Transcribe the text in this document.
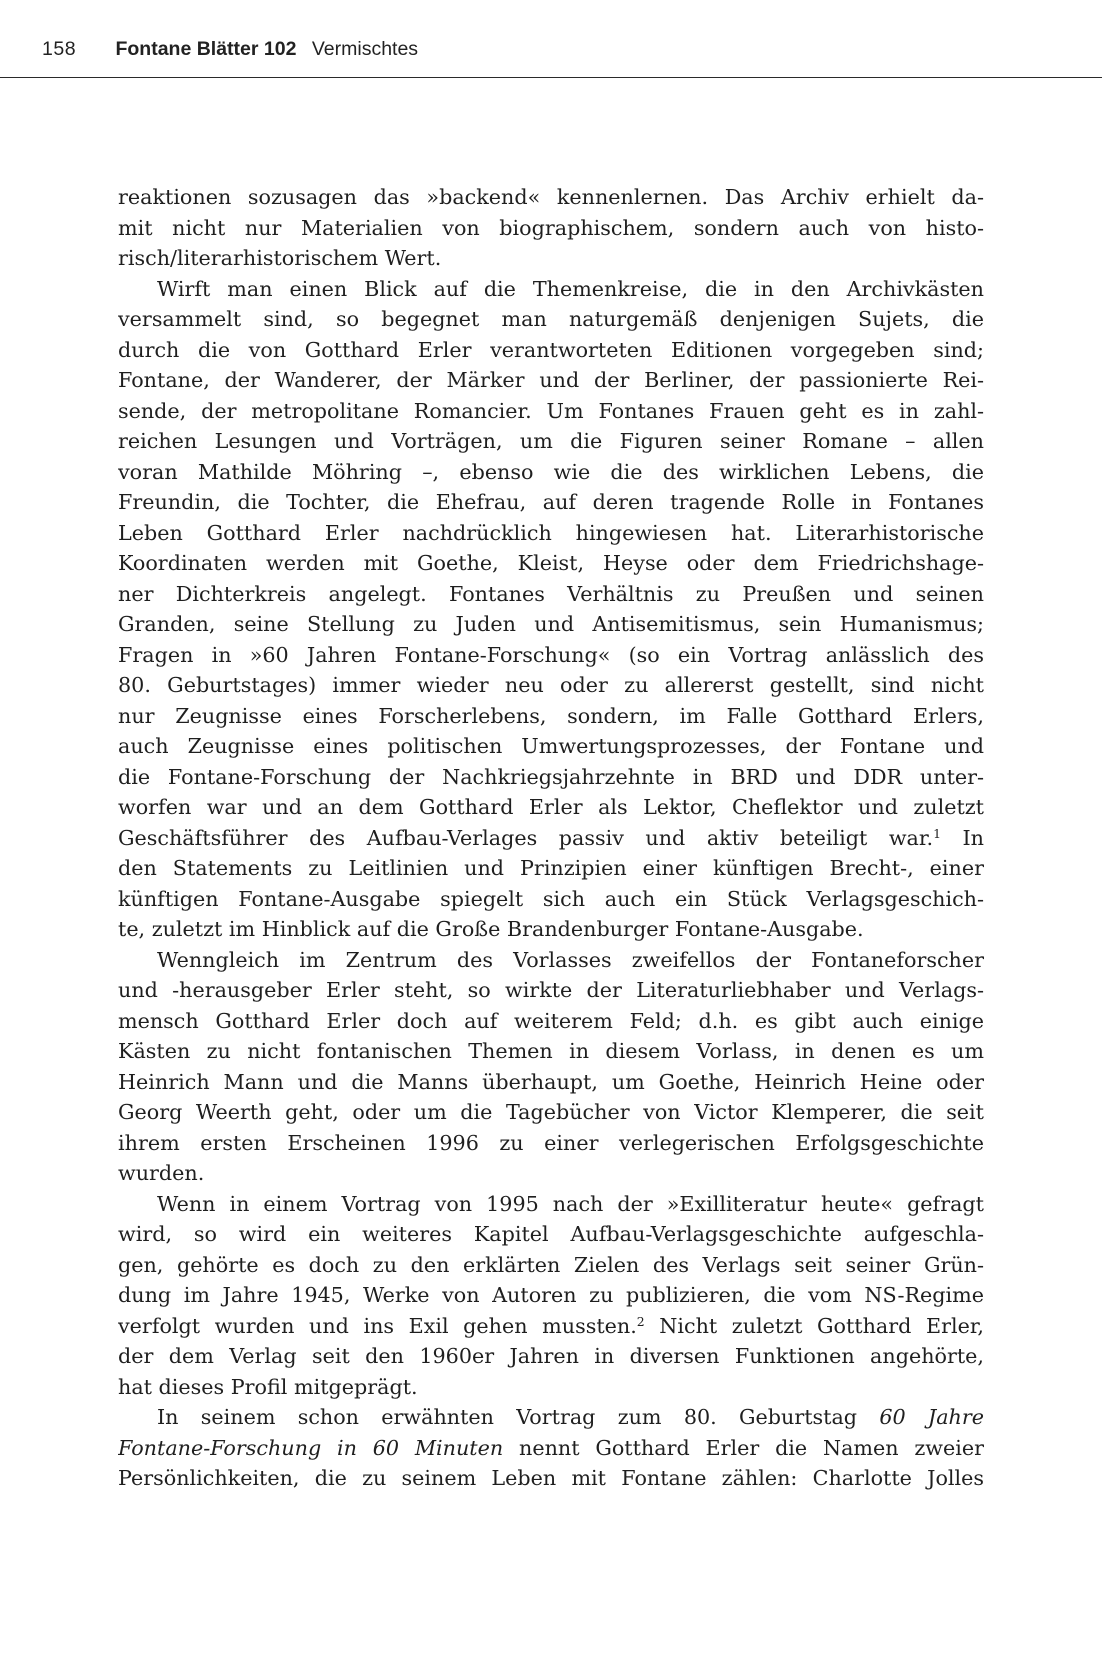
158 Fontane Blätter 102 Vermischtes
reaktionen sozusagen das »backend« kennenlernen. Das Archiv erhielt da-
mit nicht nur Materialien von biographischem, sondern auch von histo-
risch/literarhistorischem Wert.
Wirft man einen Blick auf die Themenkreise, die in den Archivkästen
versammelt sind, so begegnet man naturgemäß denjenigen Sujets, die
durch die von Gotthard Erler verantworteten Editionen vorgegeben sind;
Fontane, der Wanderer, der Märker und der Berliner, der passionierte Rei-
sende, der metropolitane Romancier. Um Fontanes Frauen geht es in zahl-
reichen Lesungen und Vorträgen, um die Figuren seiner Romane – allen
voran Mathilde Möhring –, ebenso wie die des wirklichen Lebens, die
Freundin, die Tochter, die Ehefrau, auf deren tragende Rolle in Fontanes
Leben Gotthard Erler nachdrücklich hingewiesen hat. Literarhistorische
Koordinaten werden mit Goethe, Kleist, Heyse oder dem Friedrichshage-
ner Dichterkreis angelegt. Fontanes Verhältnis zu Preußen und seinen
Granden, seine Stellung zu Juden und Antisemitismus, sein Humanismus;
Fragen in »60 Jahren Fontane-Forschung« (so ein Vortrag anlässlich des
80. Geburtstages) immer wieder neu oder zu allererst gestellt, sind nicht
nur Zeugnisse eines Forscherlebens, sondern, im Falle Gotthard Erlers,
auch Zeugnisse eines politischen Umwertungsprozesses, der Fontane und
die Fontane-Forschung der Nachkriegsjahrzehnte in BRD und DDR unter-
worfen war und an dem Gotthard Erler als Lektor, Cheflektor und zuletzt
Geschäftsführer des Aufbau-Verlages passiv und aktiv beteiligt war.$^1$ In
den Statements zu Leitlinien und Prinzipien einer künftigen Brecht-, einer
künftigen Fontane-Ausgabe spiegelt sich auch ein Stück Verlagsgeschich-
te, zuletzt im Hinblick auf die Große Brandenburger Fontane-Ausgabe.
Wenngleich im Zentrum des Vorlasses zweifellos der Fontaneforscher
und -herausgeber Erler steht, so wirkte der Literaturliebhaber und Verlags-
mensch Gotthard Erler doch auf weiterem Feld; d.h. es gibt auch einige
Kästen zu nicht fontanischen Themen in diesem Vorlass, in denen es um
Heinrich Mann und die Manns überhaupt, um Goethe, Heinrich Heine oder
Georg Weerth geht, oder um die Tagebücher von Victor Klemperer, die seit
ihrem ersten Erscheinen 1996 zu einer verlegerischen Erfolgsgeschichte
wurden.
Wenn in einem Vortrag von 1995 nach der »Exilliteratur heute« gefragt
wird, so wird ein weiteres Kapitel Aufbau-Verlagsgeschichte aufgeschla-
gen, gehörte es doch zu den erklärten Zielen des Verlags seit seiner Grün-
dung im Jahre 1945, Werke von Autoren zu publizieren, die vom NS-Regime
verfolgt wurden und ins Exil gehen mussten.$^2$ Nicht zuletzt Gotthard Erler,
der dem Verlag seit den 1960er Jahren in diversen Funktionen angehörte,
hat dieses Profil mitgeprägt.
In seinem schon erwähnten Vortrag zum 80. Geburtstag 60 Jahre
Fontane-Forschung in 60 Minuten nennt Gotthard Erler die Namen zweier
Persönlichkeiten, die zu seinem Leben mit Fontane zählen: Charlotte Jolles
